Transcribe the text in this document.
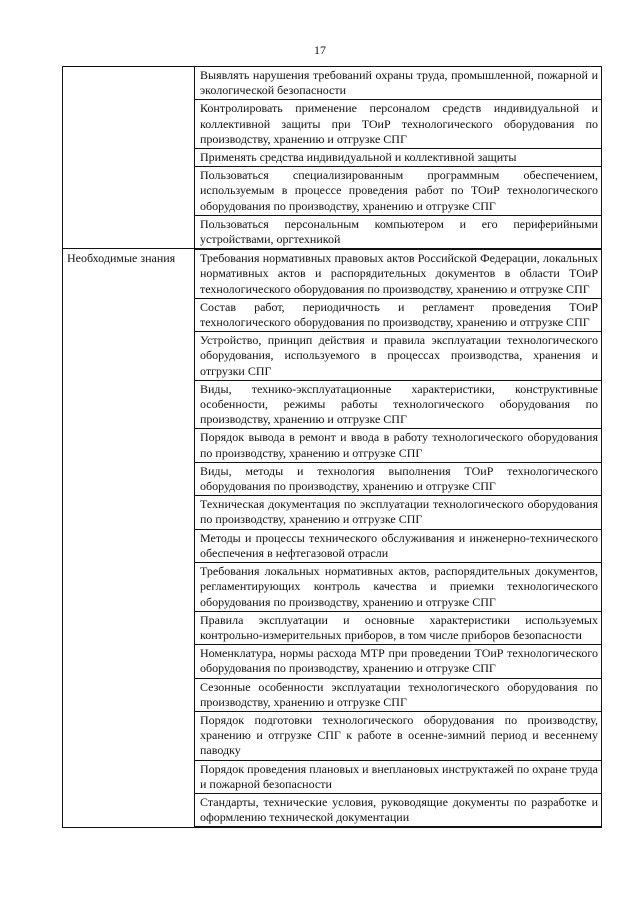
17
Выявлять нарушения требований охраны труда, промышленной, пожарной и экологической безопасности
Контролировать применение персоналом средств индивидуальной и коллективной защиты при ТОиР технологического оборудования по производству, хранению и отгрузке СПГ
Применять средства индивидуальной и коллективной защиты
Пользоваться специализированным программным обеспечением, используемым в процессе проведения работ по ТОиР технологического оборудования по производству, хранению и отгрузке СПГ
Пользоваться персональным компьютером и его периферийными устройствами, оргтехникой
Необходимые знания	Требования нормативных правовых актов Российской Федерации, локальных нормативных актов и распорядительных документов в области ТОиР технологического оборудования по производству, хранению и отгрузке СПГ
Состав работ, периодичность и регламент проведения ТОиР технологического оборудования по производству, хранению и отгрузке СПГ
Устройство, принцип действия и правила эксплуатации технологического оборудования, используемого в процессах производства, хранения и отгрузки СПГ
Виды, технико-эксплуатационные характеристики, конструктивные особенности, режимы работы технологического оборудования по производству, хранению и отгрузке СПГ
Порядок вывода в ремонт и ввода в работу технологического оборудования по производству, хранению и отгрузке СПГ
Виды, методы и технология выполнения ТОиР технологического оборудования по производству, хранению и отгрузке СПГ
Техническая документация по эксплуатации технологического оборудования по производству, хранению и отгрузке СПГ
Методы и процессы технического обслуживания и инженерно-технического обеспечения в нефтегазовой отрасли
Требования локальных нормативных актов, распорядительных документов, регламентирующих контроль качества и приемки технологического оборудования по производству, хранению и отгрузке СПГ
Правила эксплуатации и основные характеристики используемых контрольно-измерительных приборов, в том числе приборов безопасности
Номенклатура, нормы расхода МТР при проведении ТОиР технологического оборудования по производству, хранению и отгрузке СПГ
Сезонные особенности эксплуатации технологического оборудования по производству, хранению и отгрузке СПГ
Порядок подготовки технологического оборудования по производству, хранению и отгрузке СПГ к работе в осенне-зимний период и весеннему паводку
Порядок проведения плановых и внеплановых инструктажей по охране труда и пожарной безопасности
Стандарты, технические условия, руководящие документы по разработке и оформлению технической документации
